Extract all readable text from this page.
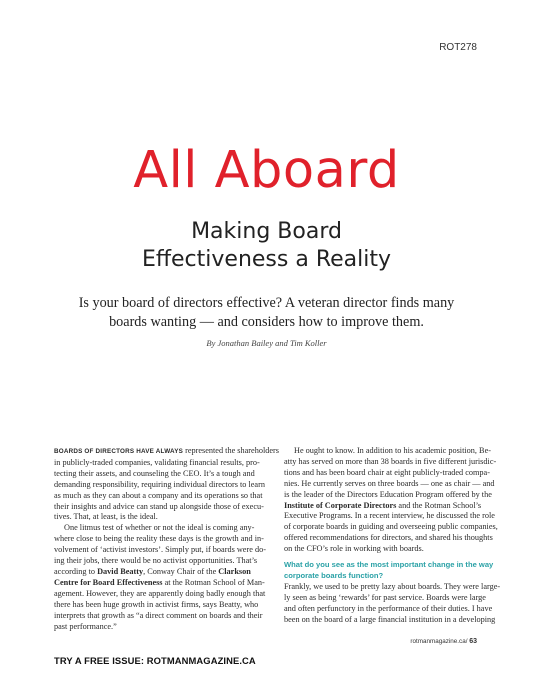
ROT278
All Aboard
Making Board
Effectiveness a Reality
Is your board of directors effective? A veteran director finds many
boards wanting — and considers how to improve them.
By Jonathan Bailey and Tim Koller
BOARDS OF DIRECTORS HAVE ALWAYS represented the shareholders
in publicly-traded companies, validating financial results, pro-
tecting their assets, and counseling the CEO. It’s a tough and
demanding responsibility, requiring individual directors to learn
as much as they can about a company and its operations so that
their insights and advice can stand up alongside those of execu-
tives. That, at least, is the ideal.
One litmus test of whether or not the ideal is coming any-
where close to being the reality these days is the growth and in-
volvement of ‘activist investors’. Simply put, if boards were do-
ing their jobs, there would be no activist opportunities. That’s
according to David Beatty, Conway Chair of the Clarkson
Centre for Board Effectiveness at the Rotman School of Man-
agement. However, they are apparently doing badly enough that
there has been huge growth in activist firms, says Beatty, who
interprets that growth as “a direct comment on boards and their
past performance.”
He ought to know. In addition to his academic position, Be-
atty has served on more than 38 boards in five different jurisdic-
tions and has been board chair at eight publicly-traded compa-
nies. He currently serves on three boards — one as chair — and
is the leader of the Directors Education Program offered by the
Institute of Corporate Directors and the Rotman School’s
Executive Programs. In a recent interview, he discussed the role
of corporate boards in guiding and overseeing public companies,
offered recommendations for directors, and shared his thoughts
on the CFO’s role in working with boards.
What do you see as the most important change in the way
corporate boards function?
Frankly, we used to be pretty lazy about boards. They were large-
ly seen as being ‘rewards’ for past service. Boards were large
and often perfunctory in the performance of their duties. I have
been on the board of a large financial institution in a developing
rotmanmagazine.ca/ 63
TRY A FREE ISSUE: ROTMANMAGAZINE.CA
